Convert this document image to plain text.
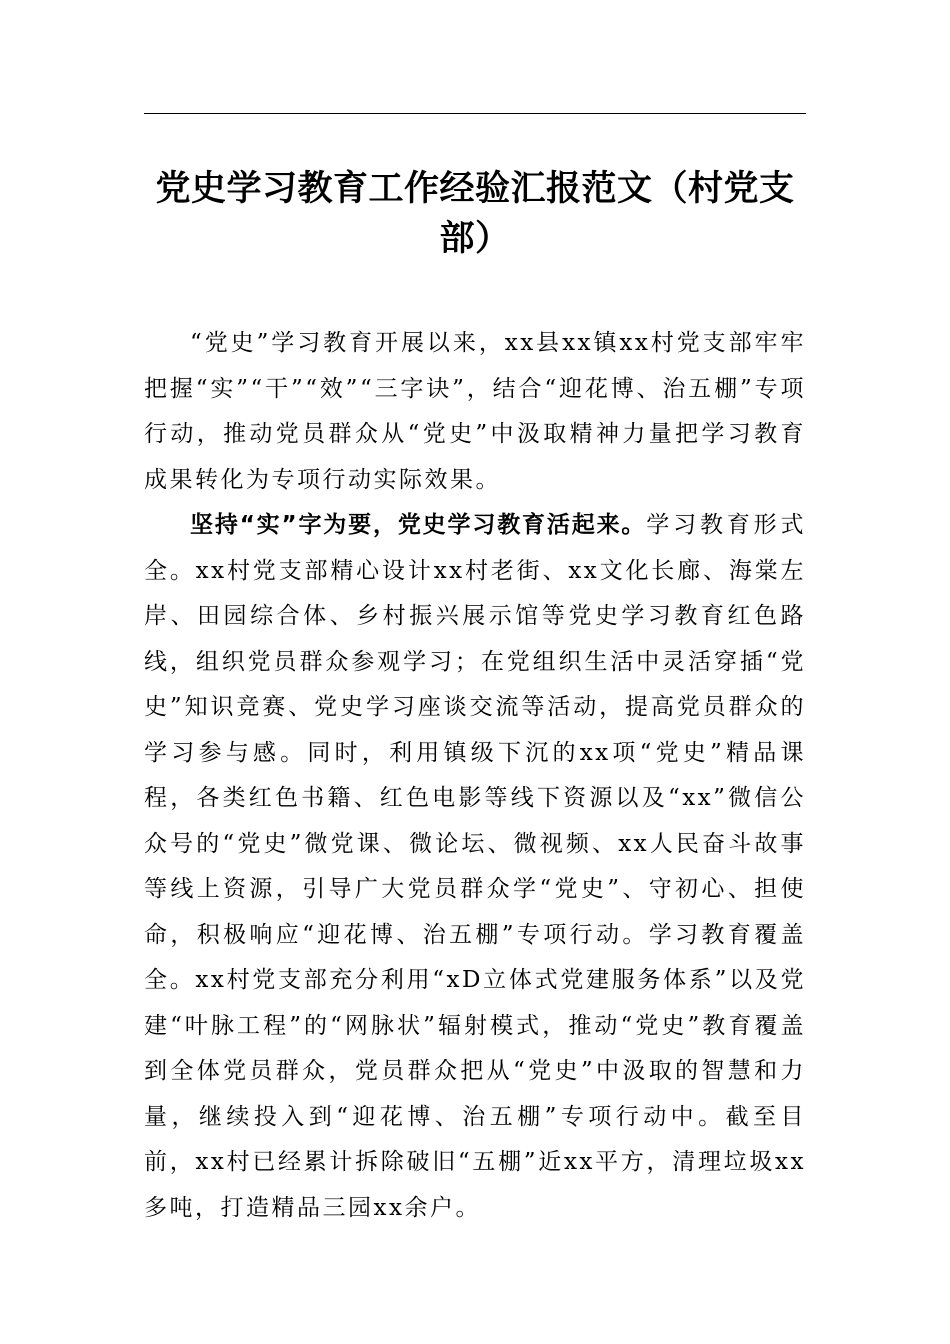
党史学习教育工作经验汇报范文（村党支部）

“党史”学习教育开展以来，xx县xx镇xx村党支部牢牢把握“实”“干”“效”“三字诀”，结合“迎花博、治五棚”专项行动，推动党员群众从“党史”中汲取精神力量把学习教育成果转化为专项行动实际效果。

坚持“实”字为要，党史学习教育活起来。学习教育形式全。xx村党支部精心设计xx村老街、xx文化长廊、海棠左岸、田园综合体、乡村振兴展示馆等党史学习教育红色路线，组织党员群众参观学习；在党组织生活中灵活穿插“党史”知识竞赛、党史学习座谈交流等活动，提高党员群众的学习参与感。同时，利用镇级下沉的xx项“党史”精品课程，各类红色书籍、红色电影等线下资源以及“xx”微信公众号的“党史”微党课、微论坛、微视频、xx人民奋斗故事等线上资源，引导广大党员群众学“党史”、守初心、担使命，积极响应“迎花博、治五棚”专项行动。学习教育覆盖全。xx村党支部充分利用“xD立体式党建服务体系”以及党建“叶脉工程”的“网脉状”辐射模式，推动“党史”教育覆盖到全体党员群众，党员群众把从“党史”中汲取的智慧和力量，继续投入到“迎花博、治五棚”专项行动中。截至目前，xx村已经累计拆除破旧“五棚”近xx平方，清理垃圾xx多吨，打造精品三园xx余户。
